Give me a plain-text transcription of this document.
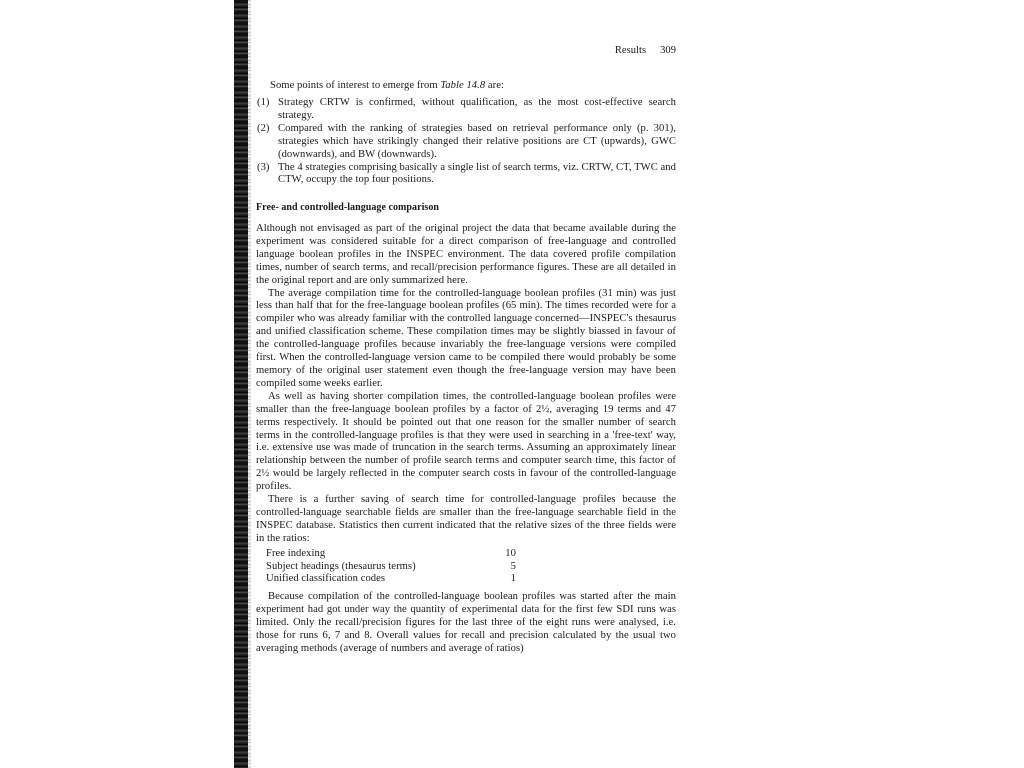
Results 309
Some points of interest to emerge from Table 14.8 are:
(1) Strategy CRTW is confirmed, without qualification, as the most cost-effective search strategy.
(2) Compared with the ranking of strategies based on retrieval performance only (p. 301), strategies which have strikingly changed their relative positions are CT (upwards), GWC (downwards), and BW (downwards).
(3) The 4 strategies comprising basically a single list of search terms, viz. CRTW, CT, TWC and CTW, occupy the top four positions.
Free- and controlled-language comparison

Although not envisaged as part of the original project the data that became available during the experiment was considered suitable for a direct comparison of free-language and controlled language boolean profiles in the INSPEC environment. The data covered profile compilation times, number of search terms, and recall/precision performance figures. These are all detailed in the original report and are only summarized here.

The average compilation time for the controlled-language boolean profiles (31 min) was just less than half that for the free-language boolean profiles (65 min). The times recorded were for a compiler who was already familiar with the controlled language concerned—INSPEC's thesaurus and unified classification scheme. These compilation times may be slightly biassed in favour of the controlled-language profiles because invariably the free-language versions were compiled first. When the controlled-language version came to be compiled there would probably be some memory of the original user statement even though the free-language version may have been compiled some weeks earlier.

As well as having shorter compilation times, the controlled-language boolean profiles were smaller than the free-language boolean profiles by a factor of 2½, averaging 19 terms and 47 terms respectively. It should be pointed out that one reason for the smaller number of search terms in the controlled-language profiles is that they were used in searching in a 'free-text' way, i.e. extensive use was made of truncation in the search terms. Assuming an approximately linear relationship between the number of profile search terms and computer search time, this factor of 2½ would be largely reflected in the computer search costs in favour of the controlled-language profiles.

There is a further saving of search time for controlled-language profiles because the controlled-language searchable fields are smaller than the free-language searchable field in the INSPEC database. Statistics then current indicated that the relative sizes of the three fields were in the ratios:

Free indexing	10
Subject headings (thesaurus terms)	5
Unified classification codes	1

Because compilation of the controlled-language boolean profiles was started after the main experiment had got under way the quantity of experimental data for the first few SDI runs was limited. Only the recall/precision figures for the last three of the eight runs were analysed, i.e. those for runs 6, 7 and 8. Overall values for recall and precision calculated by the usual two averaging methods (average of numbers and average of ratios)
